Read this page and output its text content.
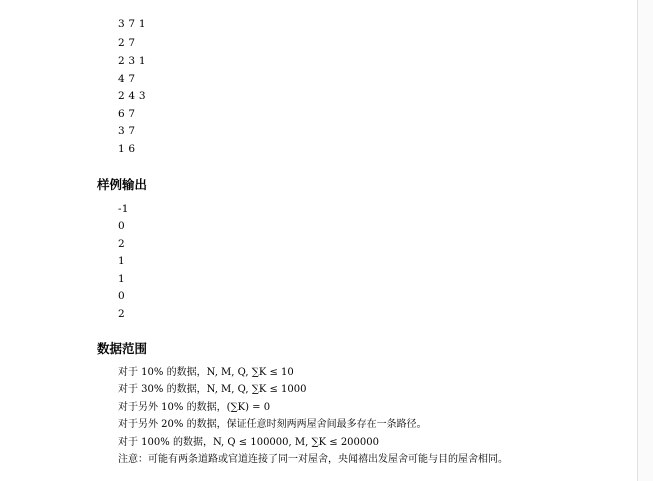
3 7 1
2 7
2 3 1
4 7
2 4 3
6 7
3 7
1 6
样例输出
-1
0
2
1
1
0
2
数据范围
对于 10% 的数据，N, M, Q, ∑K ≤ 10
对于 30% 的数据，N, M, Q, ∑K ≤ 1000
对于另外 10% 的数据，(∑K) = 0
对于另外 20% 的数据，保证任意时刻两两屋舍间最多存在一条路径。
对于 100% 的数据，N, Q ≤ 100000, M, ∑K ≤ 200000
注意：可能有两条道路或官道连接了同一对屋舍，央闻禧出发屋舍可能与目的屋舍相同。
